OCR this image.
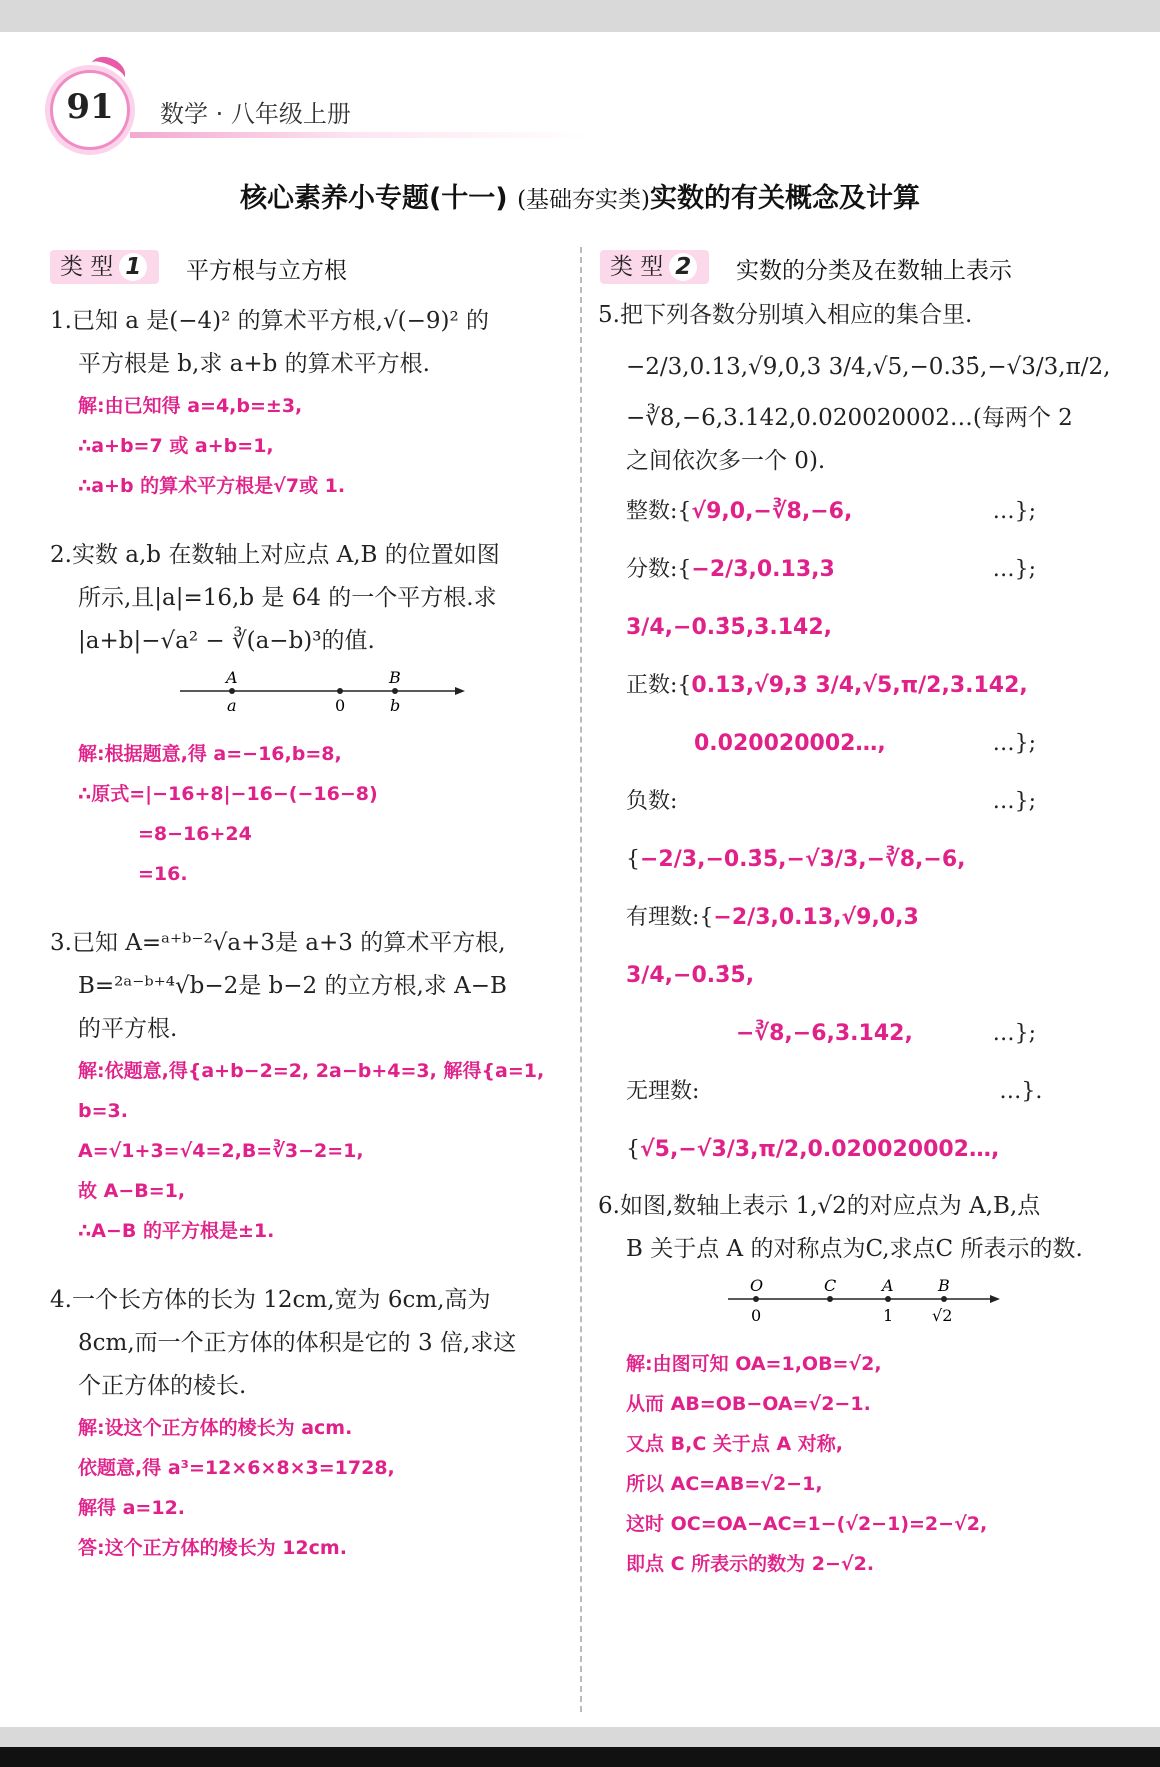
91	数学 · 八年级上册
核心素养小专题(十一) (基础夯实类)实数的有关概念及计算
类 型 1	平方根与立方根
1.已知 a 是(−4)² 的算术平方根,√(−9)² 的
平方根是 b,求 a+b 的算术平方根.
解:由已知得 a=4,b=±3,
∴a+b=7 或 a+b=1,
∴a+b 的算术平方根是√7或 1.
2.实数 a,b 在数轴上对应点 A,B 的位置如图
所示,且|a|=16,b 是 64 的一个平方根.求
|a+b|−√a² − ∛(a−b)³的值.
A	B
a	0	b
解:根据题意,得 a=−16,b=8,
∴原式=|−16+8|−16−(−16−8)
=8−16+24
=16.
3.已知 A=ᵃ⁺ᵇ⁻²√a+3是 a+3 的算术平方根,
B=²ᵃ⁻ᵇ⁺⁴√b−2是 b−2 的立方根,求 A−B
的平方根.
解:依题意,得{a+b−2=2, 2a−b+4=3, 解得{a=1, b=3.
A=√1+3=√4=2,B=∛3−2=1,
故 A−B=1,
∴A−B 的平方根是±1.
4.一个长方体的长为 12cm,宽为 6cm,高为
8cm,而一个正方体的体积是它的 3 倍,求这
个正方体的棱长.
解:设这个正方体的棱长为 acm.
依题意,得 a³=12×6×8×3=1728,
解得 a=12.
答:这个正方体的棱长为 12cm.
类 型 2	实数的分类及在数轴上表示
5.把下列各数分别填入相应的集合里.
−2/3,0.13,√9,0,3 3/4,√5,−0.3̇5̇,−√3/3,π/2,
−∛8,−6,3.142,0.020020002…(每两个 2
之间依次多一个 0).
整数:{√9,0,−∛8,−6,	…};
分数:{−2/3,0.13,3 3/4,−0.3̇5̇,3.142,
…};
正数:{0.13,√9,3 3/4,√5,π/2,3.142,
0.020020002…,	…};
负数:{−2/3,−0.3̇5̇,−√3/3,−∛8,−6,
…};
有理数:{−2/3,0.13,√9,0,3 3/4,−0.3̇5̇,
−∛8,−6,3.142,	…};
无理数:{√5,−√3/3,π/2,0.020020002…,
…}.
6.如图,数轴上表示 1,√2的对应点为 A,B,点
B 关于点 A 的对称点为C,求点C 所表示的数.
O	C	A	B
0	1 √2
解:由图可知 OA=1,OB=√2,
从而 AB=OB−OA=√2−1.
又点 B,C 关于点 A 对称,
所以 AC=AB=√2−1,
这时 OC=OA−AC=1−(√2−1)=2−√2,
即点 C 所表示的数为 2−√2.
